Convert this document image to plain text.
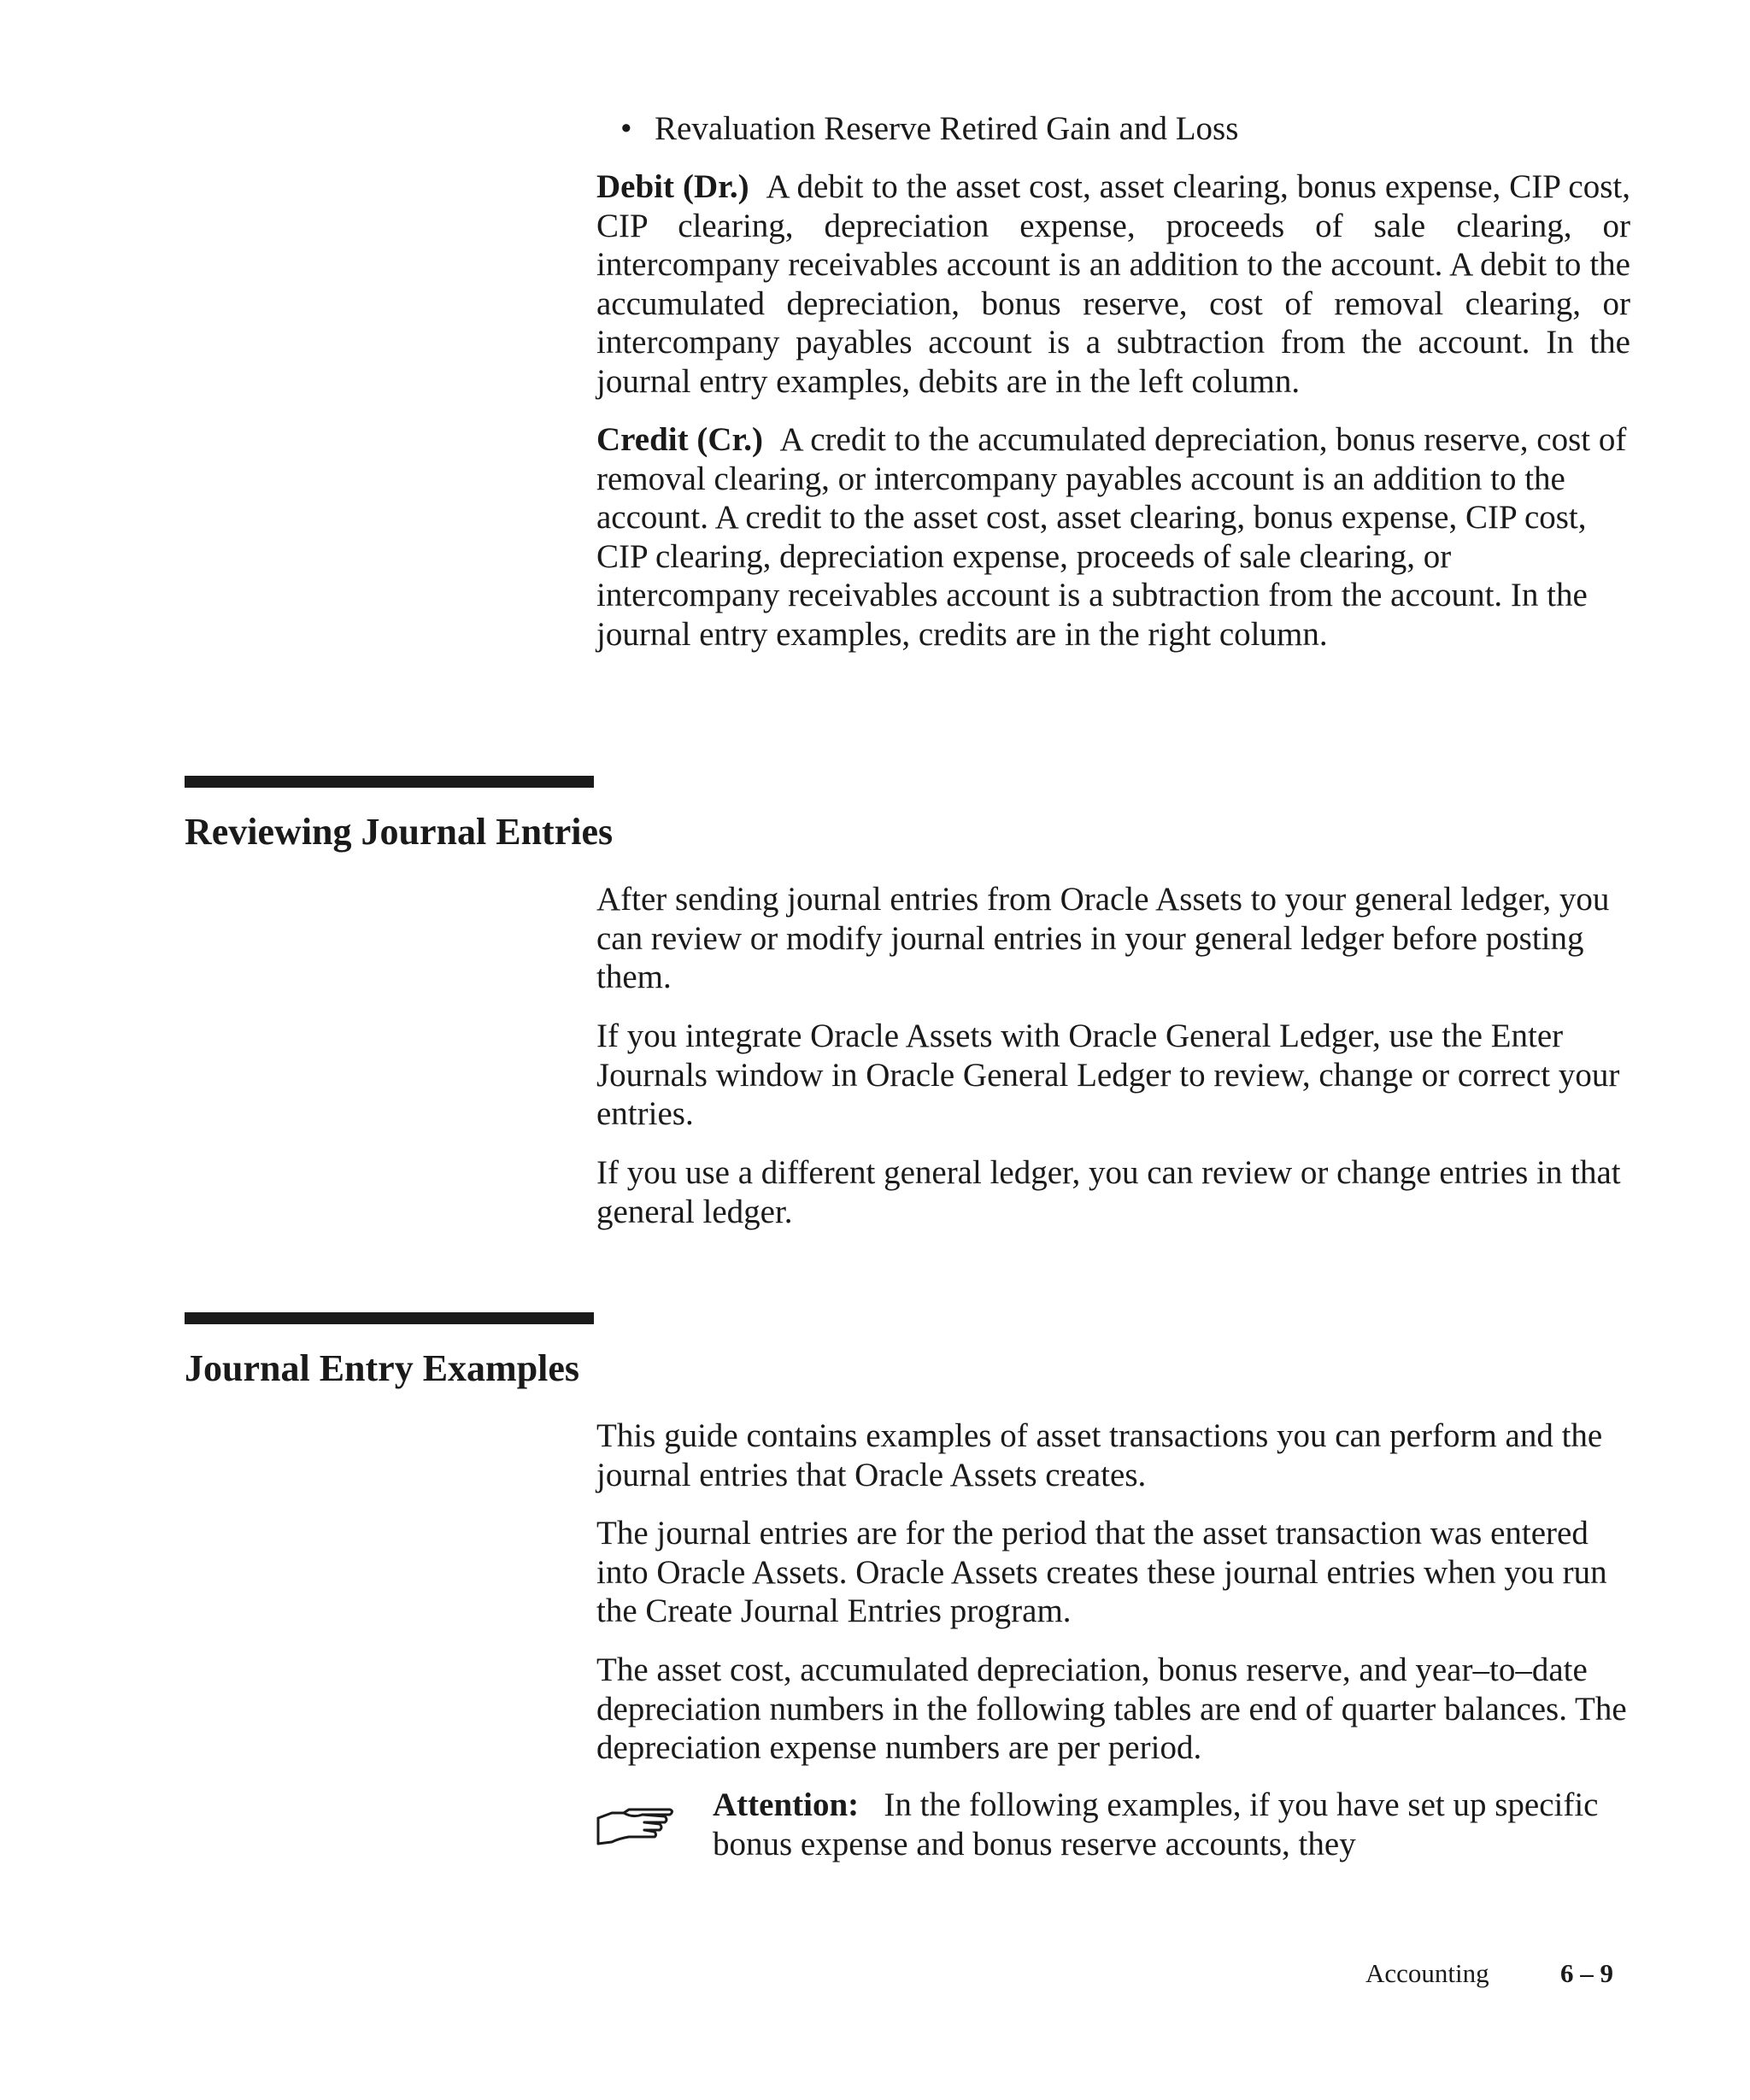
• Revaluation Reserve Retired Gain and Loss

Debit (Dr.) A debit to the asset cost, asset clearing, bonus expense, CIP cost, CIP clearing, depreciation expense, proceeds of sale clearing, or intercompany receivables account is an addition to the account. A debit to the accumulated depreciation, bonus reserve, cost of removal clearing, or intercompany payables account is a subtraction from the account. In the journal entry examples, debits are in the left column.

Credit (Cr.) A credit to the accumulated depreciation, bonus reserve, cost of removal clearing, or intercompany payables account is an addition to the account. A credit to the asset cost, asset clearing, bonus expense, CIP cost, CIP clearing, depreciation expense, proceeds of sale clearing, or intercompany receivables account is a subtraction from the account. In the journal entry examples, credits are in the right column.

Reviewing Journal Entries

After sending journal entries from Oracle Assets to your general ledger, you can review or modify journal entries in your general ledger before posting them.

If you integrate Oracle Assets with Oracle General Ledger, use the Enter Journals window in Oracle General Ledger to review, change or correct your entries.

If you use a different general ledger, you can review or change entries in that general ledger.

Journal Entry Examples

This guide contains examples of asset transactions you can perform and the journal entries that Oracle Assets creates.

The journal entries are for the period that the asset transaction was entered into Oracle Assets. Oracle Assets creates these journal entries when you run the Create Journal Entries program.

The asset cost, accumulated depreciation, bonus reserve, and year–to–date depreciation numbers in the following tables are end of quarter balances. The depreciation expense numbers are per period.

Attention: In the following examples, if you have set up specific bonus expense and bonus reserve accounts, they
Accounting	6 – 9
